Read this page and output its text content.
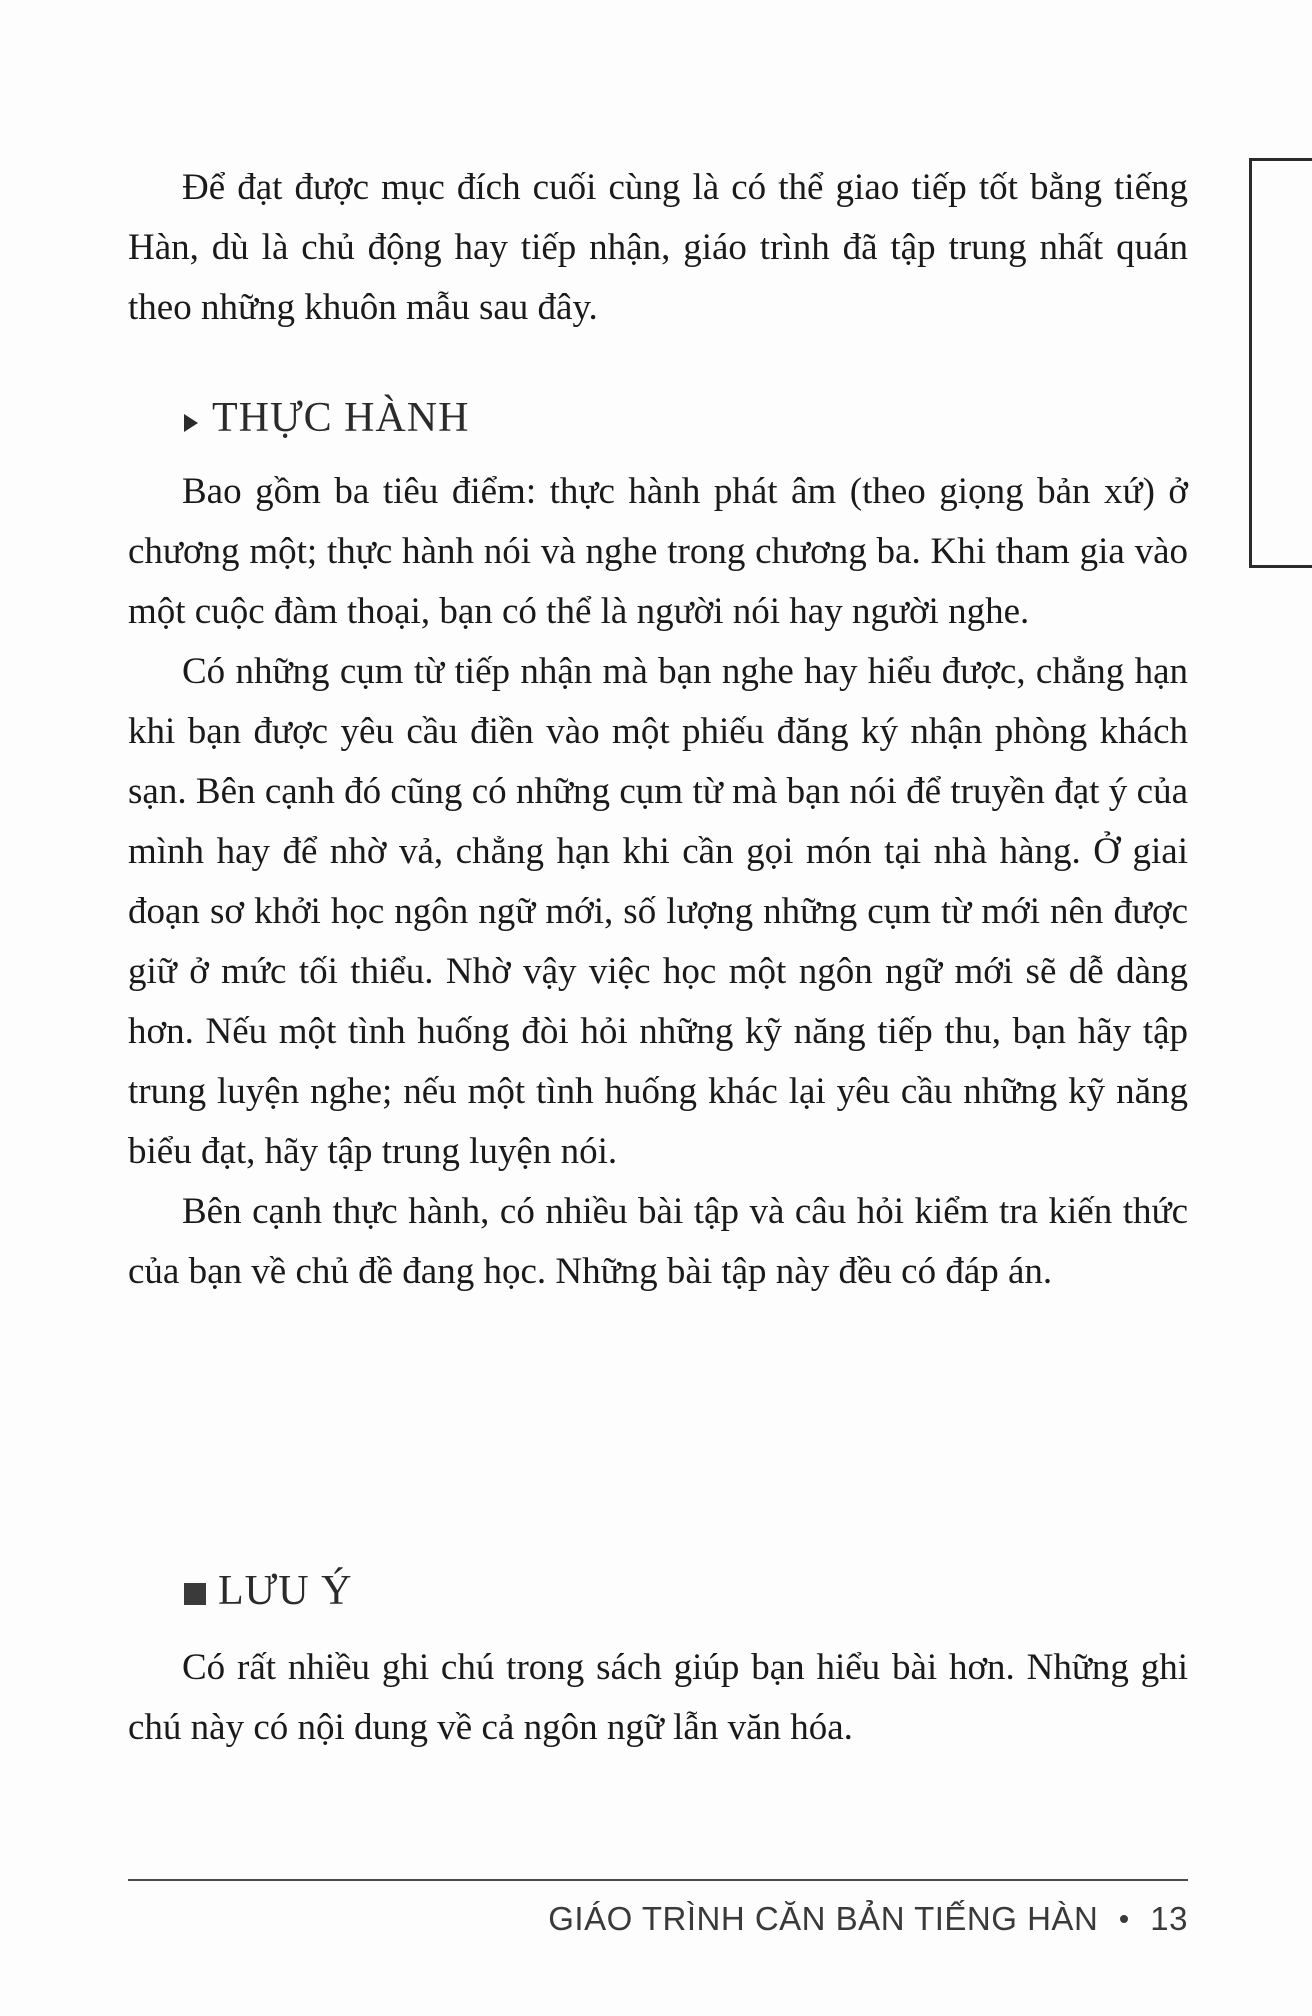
Để đạt được mục đích cuối cùng là có thể giao tiếp tốt bằng tiếng Hàn, dù là chủ động hay tiếp nhận, giáo trình đã tập trung nhất quán theo những khuôn mẫu sau đây.

THỰC HÀNH

Bao gồm ba tiêu điểm: thực hành phát âm (theo giọng bản xứ) ở chương một; thực hành nói và nghe trong chương ba. Khi tham gia vào một cuộc đàm thoại, bạn có thể là người nói hay người nghe.

Có những cụm từ tiếp nhận mà bạn nghe hay hiểu được, chẳng hạn khi bạn được yêu cầu điền vào một phiếu đăng ký nhận phòng khách sạn. Bên cạnh đó cũng có những cụm từ mà bạn nói để truyền đạt ý của mình hay để nhờ vả, chẳng hạn khi cần gọi món tại nhà hàng. Ở giai đoạn sơ khởi học ngôn ngữ mới, số lượng những cụm từ mới nên được giữ ở mức tối thiểu. Nhờ vậy việc học một ngôn ngữ mới sẽ dễ dàng hơn. Nếu một tình huống đòi hỏi những kỹ năng tiếp thu, bạn hãy tập trung luyện nghe; nếu một tình huống khác lại yêu cầu những kỹ năng biểu đạt, hãy tập trung luyện nói.

Bên cạnh thực hành, có nhiều bài tập và câu hỏi kiểm tra kiến thức của bạn về chủ đề đang học. Những bài tập này đều có đáp án.

LƯU Ý

Có rất nhiều ghi chú trong sách giúp bạn hiểu bài hơn. Những ghi chú này có nội dung về cả ngôn ngữ lẫn văn hóa.

GIÁO TRÌNH CĂN BẢN TIẾNG HÀN 13
